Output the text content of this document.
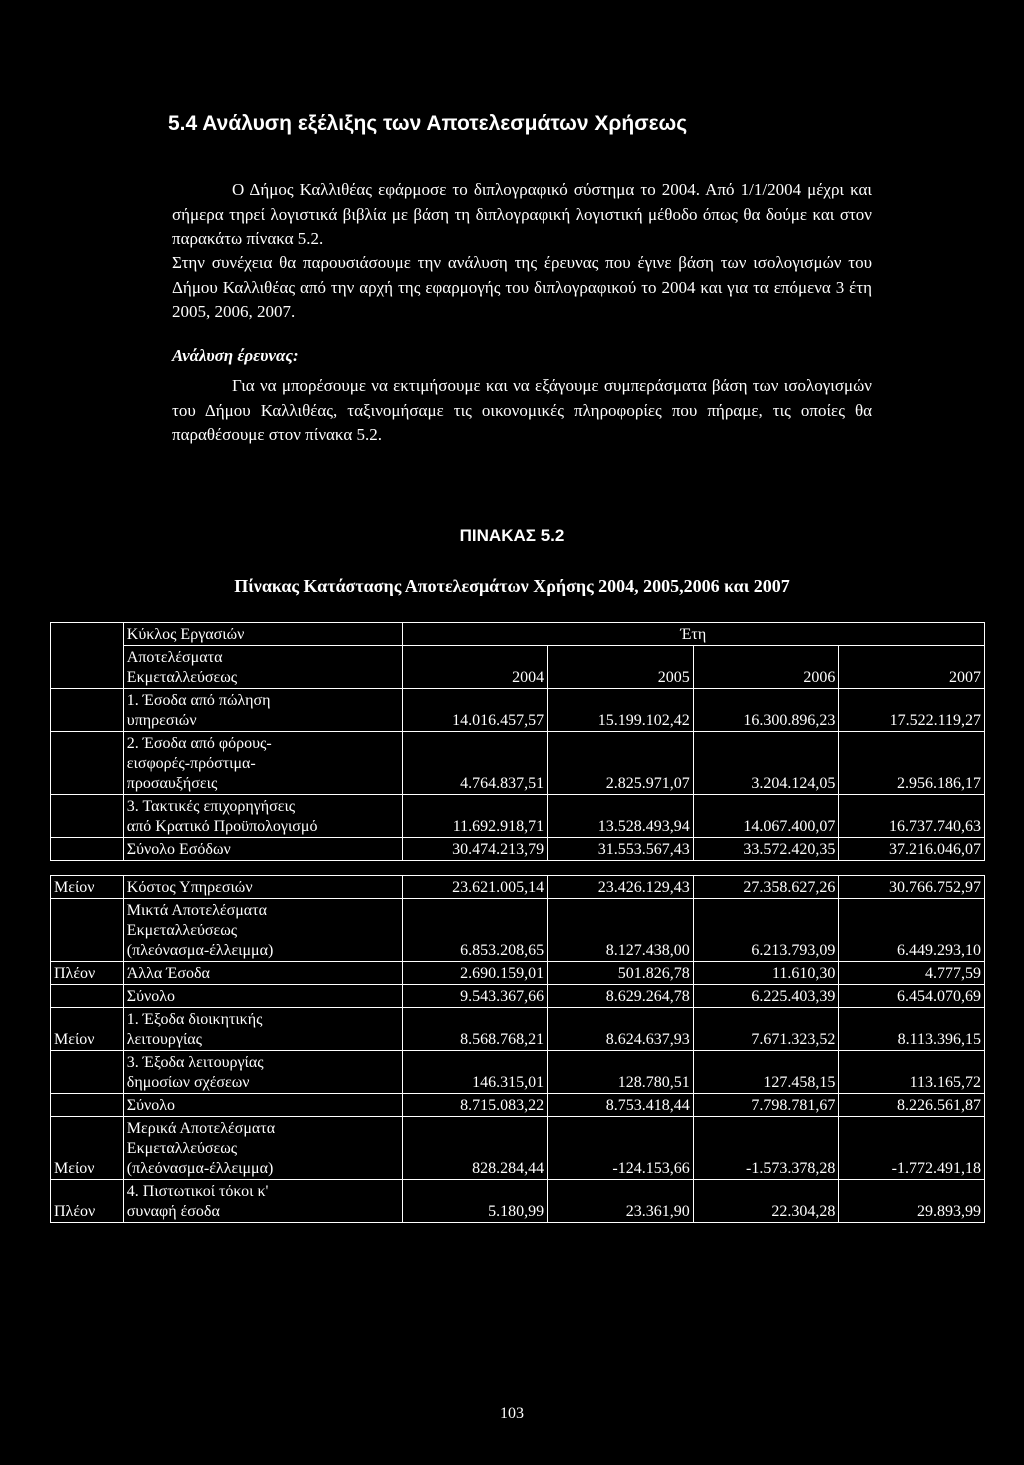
5.4 Ανάλυση εξέλιξης των Αποτελεσμάτων Χρήσεως

Ο Δήμος Καλλιθέας εφάρμοσε το διπλογραφικό σύστημα το 2004. Από 1/1/2004 μέχρι και σήμερα τηρεί λογιστικά βιβλία με βάση τη διπλογραφική λογιστική μέθοδο όπως θα δούμε και στον παρακάτω πίνακα 5.2.

Στην συνέχεια θα παρουσιάσουμε την ανάλυση της έρευνας που έγινε βάση των ισολογισμών του Δήμου Καλλιθέας από την αρχή της εφαρμογής του διπλογραφικού το 2004 και για τα επόμενα 3 έτη 2005, 2006, 2007.

Ανάλυση έρευνας:

Για να μπορέσουμε να εκτιμήσουμε και να εξάγουμε συμπεράσματα βάση των ισολογισμών του Δήμου Καλλιθέας, ταξινομήσαμε τις οικονομικές πληροφορίες που πήραμε, τις οποίες θα παραθέσουμε στον πίνακα 5.2.

ΠΙΝΑΚΑΣ 5.2

Πίνακας Κατάστασης Αποτελεσμάτων Χρήσης 2004, 2005,2006 και 2007

	Κύκλος Εργασιών	Έτη			

	Αποτελέσματα
Εκμεταλλεύσεως	2004	2005	2006	2007

	1. Έσοδα από πώληση
υπηρεσιών	14.016.457,57	15.199.102,42	16.300.896,23	17.522.119,27

	2. Έσοδα από φόρους-
εισφορές-πρόστιμα-
προσαυξήσεις	4.764.837,51	2.825.971,07	3.204.124,05	2.956.186,17

	3. Τακτικές επιχορηγήσεις
από Κρατικό Προϋπολογισμό	11.692.918,71	13.528.493,94	14.067.400,07	16.737.740,63

	Σύνολο Εσόδων	30.474.213,79	31.553.567,43	33.572.420,35	37.216.046,07

Μείον	Κόστος Υπηρεσιών	23.621.005,14	23.426.129,43	27.358.627,26	30.766.752,97

	Μικτά Αποτελέσματα
Εκμεταλλεύσεως
(πλεόνασμα-έλλειμμα)	6.853.208,65	8.127.438,00	6.213.793,09	6.449.293,10
Πλέον	Άλλα Έσοδα	2.690.159,01	501.826,78	11.610,30	4.777,59

	Σύνολο	9.543.367,66	8.629.264,78	6.225.403,39	6.454.070,69
Μείον	1. Έξοδα διοικητικής
λειτουργίας	8.568.768,21	8.624.637,93	7.671.323,52	8.113.396,15

	3. Έξοδα λειτουργίας
δημοσίων σχέσεων	146.315,01	128.780,51	127.458,15	113.165,72

	Σύνολο	8.715.083,22	8.753.418,44	7.798.781,67	8.226.561,87
Μείον	Μερικά Αποτελέσματα
Εκμεταλλεύσεως
(πλεόνασμα-έλλειμμα)	828.284,44	-124.153,66	-1.573.378,28	-1.772.491,18
Πλέον	4. Πιστωτικοί τόκοι κ'
συναφή έσοδα	5.180,99	23.361,90	22.304,28	29.893,99

103
